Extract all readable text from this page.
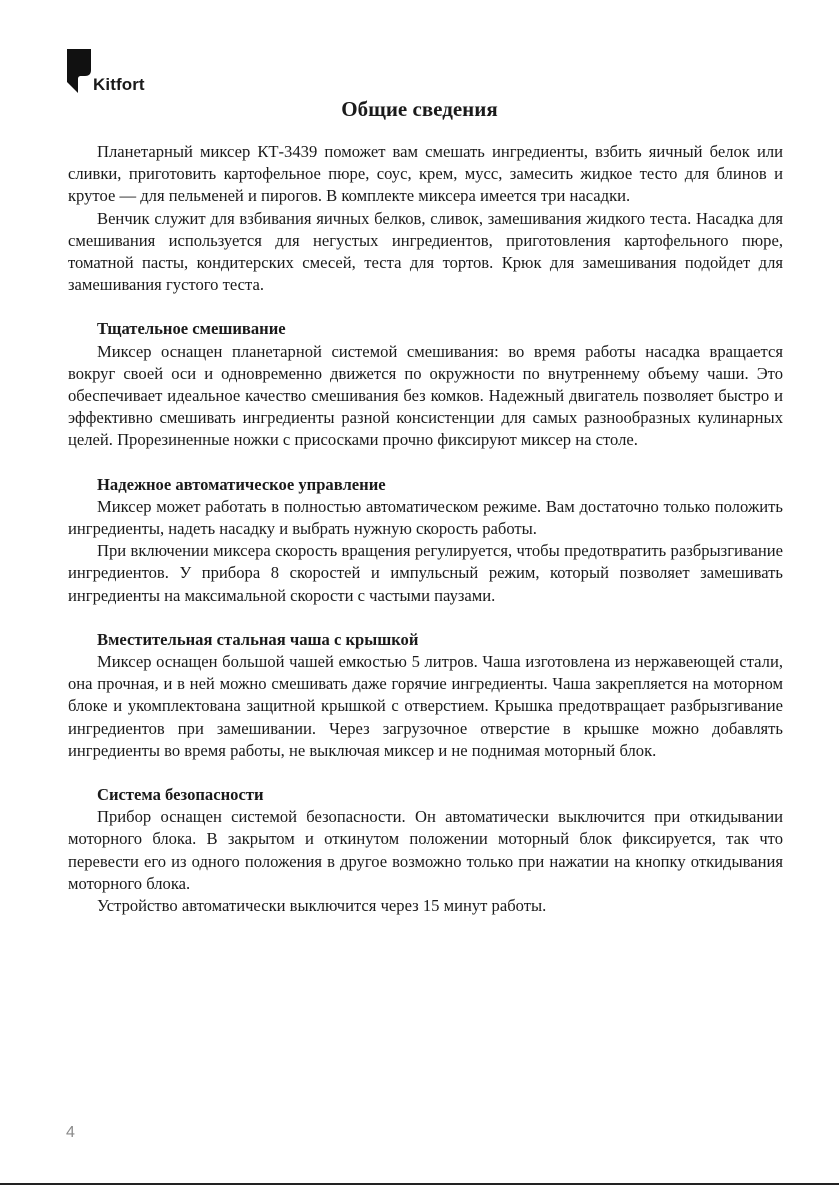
Kitfort
Общие сведения

Планетарный миксер КТ-3439 поможет вам смешать ингредиенты, взбить яичный белок или сливки, приготовить картофельное пюре, соус, крем, мусс, замесить жидкое тесто для блинов и крутое — для пельменей и пирогов. В комплекте миксера имеется три насадки.

Венчик служит для взбивания яичных белков, сливок, замешивания жидкого теста. Насадка для смешивания используется для негустых ингредиентов, приготовления картофельного пюре, томатной пасты, кондитерских смесей, теста для тортов. Крюк для замешивания подойдет для замешивания густого теста.

Тщательное смешивание

Миксер оснащен планетарной системой смешивания: во время работы насадка вращается вокруг своей оси и одновременно движется по окружности по внутреннему объему чаши. Это обеспечивает идеальное качество смешивания без комков. Надежный двигатель позволяет быстро и эффективно смешивать ингредиенты разной консистенции для самых разнообразных кулинарных целей. Прорезиненные ножки с присосками прочно фиксируют миксер на столе.

Надежное автоматическое управление

Миксер может работать в полностью автоматическом режиме. Вам достаточно только положить ингредиенты, надеть насадку и выбрать нужную скорость работы.

При включении миксера скорость вращения регулируется, чтобы предотвратить разбрызгивание ингредиентов. У прибора 8 скоростей и импульсный режим, который позволяет замешивать ингредиенты на максимальной скорости с частыми паузами.

Вместительная стальная чаша с крышкой

Миксер оснащен большой чашей емкостью 5 литров. Чаша изготовлена из нержавеющей стали, она прочная, и в ней можно смешивать даже горячие ингредиенты. Чаша закрепляется на моторном блоке и укомплектована защитной крышкой с отверстием. Крышка предотвращает разбрызгивание ингредиентов при замешивании. Через загрузочное отверстие в крышке можно добавлять ингредиенты во время работы, не выключая миксер и не поднимая моторный блок.

Система безопасности

Прибор оснащен системой безопасности. Он автоматически выключится при откидывании моторного блока. В закрытом и откинутом положении моторный блок фиксируется, так что перевести его из одного положения в другое возможно только при нажатии на кнопку откидывания моторного блока.

Устройство автоматически выключится через 15 минут работы.

4
